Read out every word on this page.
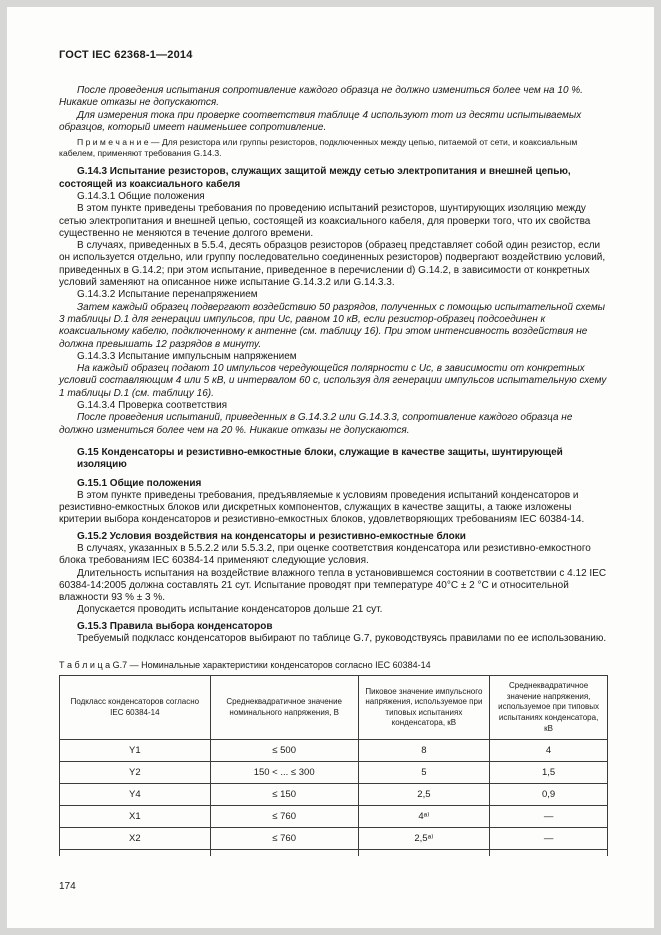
ГОСТ IEC 62368-1—2014

После проведения испытания сопротивление каждого образца не должно измениться более чем на 10 %. Никакие отказы не допускаются.

Для измерения тока при проверке соответствия таблице 4 используют тот из десяти испытываемых образцов, который имеет наименьшее сопротивление.

П р и м е ч а н и е — Для резистора или группы резисторов, подключенных между цепью, питаемой от сети, и коаксиальным кабелем, применяют требования G.14.3.

G.14.3 Испытание резисторов, служащих защитой между сетью электропитания и внешней цепью, состоящей из коаксиального кабеля

G.14.3.1 Общие положения

В этом пункте приведены требования по проведению испытаний резисторов, шунтирующих изоляцию между сетью электропитания и внешней цепью, состоящей из коаксиального кабеля, для проверки того, что их свойства существенно не меняются в течение долгого времени.

В случаях, приведенных в 5.5.4, десять образцов резисторов (образец представляет собой один резистор, если он используется отдельно, или группу последовательно соединенных резисторов) подвергают воздействию условий, приведенных в G.14.2; при этом испытание, приведенное в перечислении d) G.14.2, в зависимости от конкретных условий заменяют на описанное ниже испытание G.14.3.2 или G.14.3.3.

G.14.3.2 Испытание перенапряжением

Затем каждый образец подвергают воздействию 50 разрядов, полученных с помощью испытательной схемы 3 таблицы D.1 для генерации импульсов, при Uс, равном 10 кВ, если резистор-образец подсоединен к коаксиальному кабелю, подключенному к антенне (см. таблицу 16). При этом интенсивность воздействия не должна превышать 12 разрядов в минуту.

G.14.3.3 Испытание импульсным напряжением

На каждый образец подают 10 импульсов чередующейся полярности с Uс, в зависимости от конкретных условий составляющим 4 или 5 кВ, и интервалом 60 с, используя для генерации импульсов испытательную схему 1 таблицы D.1 (см. таблицу 16).

G.14.3.4 Проверка соответствия

После проведения испытаний, приведенных в G.14.3.2 или G.14.3.3, сопротивление каждого образца не должно измениться более чем на 20 %. Никакие отказы не допускаются.

G.15 Конденсаторы и резистивно-емкостные блоки, служащие в качестве защиты, шунтирующей изоляцию

G.15.1 Общие положения

В этом пункте приведены требования, предъявляемые к условиям проведения испытаний конденсаторов и резистивно-емкостных блоков или дискретных компонентов, служащих в качестве защиты, а также изложены критерии выбора конденсаторов и резистивно-емкостных блоков, удовлетворяющих требованиям IEC 60384-14.

G.15.2 Условия воздействия на конденсаторы и резистивно-емкостные блоки

В случаях, указанных в 5.5.2.2 или 5.5.3.2, при оценке соответствия конденсатора или резистивно-емкостного блока требованиям IEC 60384-14 применяют следующие условия.

Длительность испытания на воздействие влажного тепла в установившемся состоянии в соответствии с 4.12 IEC 60384-14:2005 должна составлять 21 сут. Испытание проводят при температуре 40°C ± 2 °C и относительной влажности 93 % ± 3 %.

Допускается проводить испытание конденсаторов дольше 21 сут.

G.15.3 Правила выбора конденсаторов

Требуемый подкласс конденсаторов выбирают по таблице G.7, руководствуясь правилами по ее использованию.

Т а б л и ц а G.7 — Номинальные характеристики конденсаторов согласно IEC 60384-14
Подкласс конденсаторов согласно IEC 60384-14	Среднеквадратичное значение номинального напряжения, В	Пиковое значение импульсного напряжения, используемое при типовых испытаниях конденсатора, кВ	Среднеквадратичное значение напряжения, используемое при типовых испытаниях конденсатора, кВ
Y1	≤ 500	8	4
Y2	150 < ... ≤ 300	5	1,5
Y4	≤ 150	2,5	0,9
X1	≤ 760	4ᵃ⁾	—
X2	≤ 760	2,5ᵃ⁾	—

174
